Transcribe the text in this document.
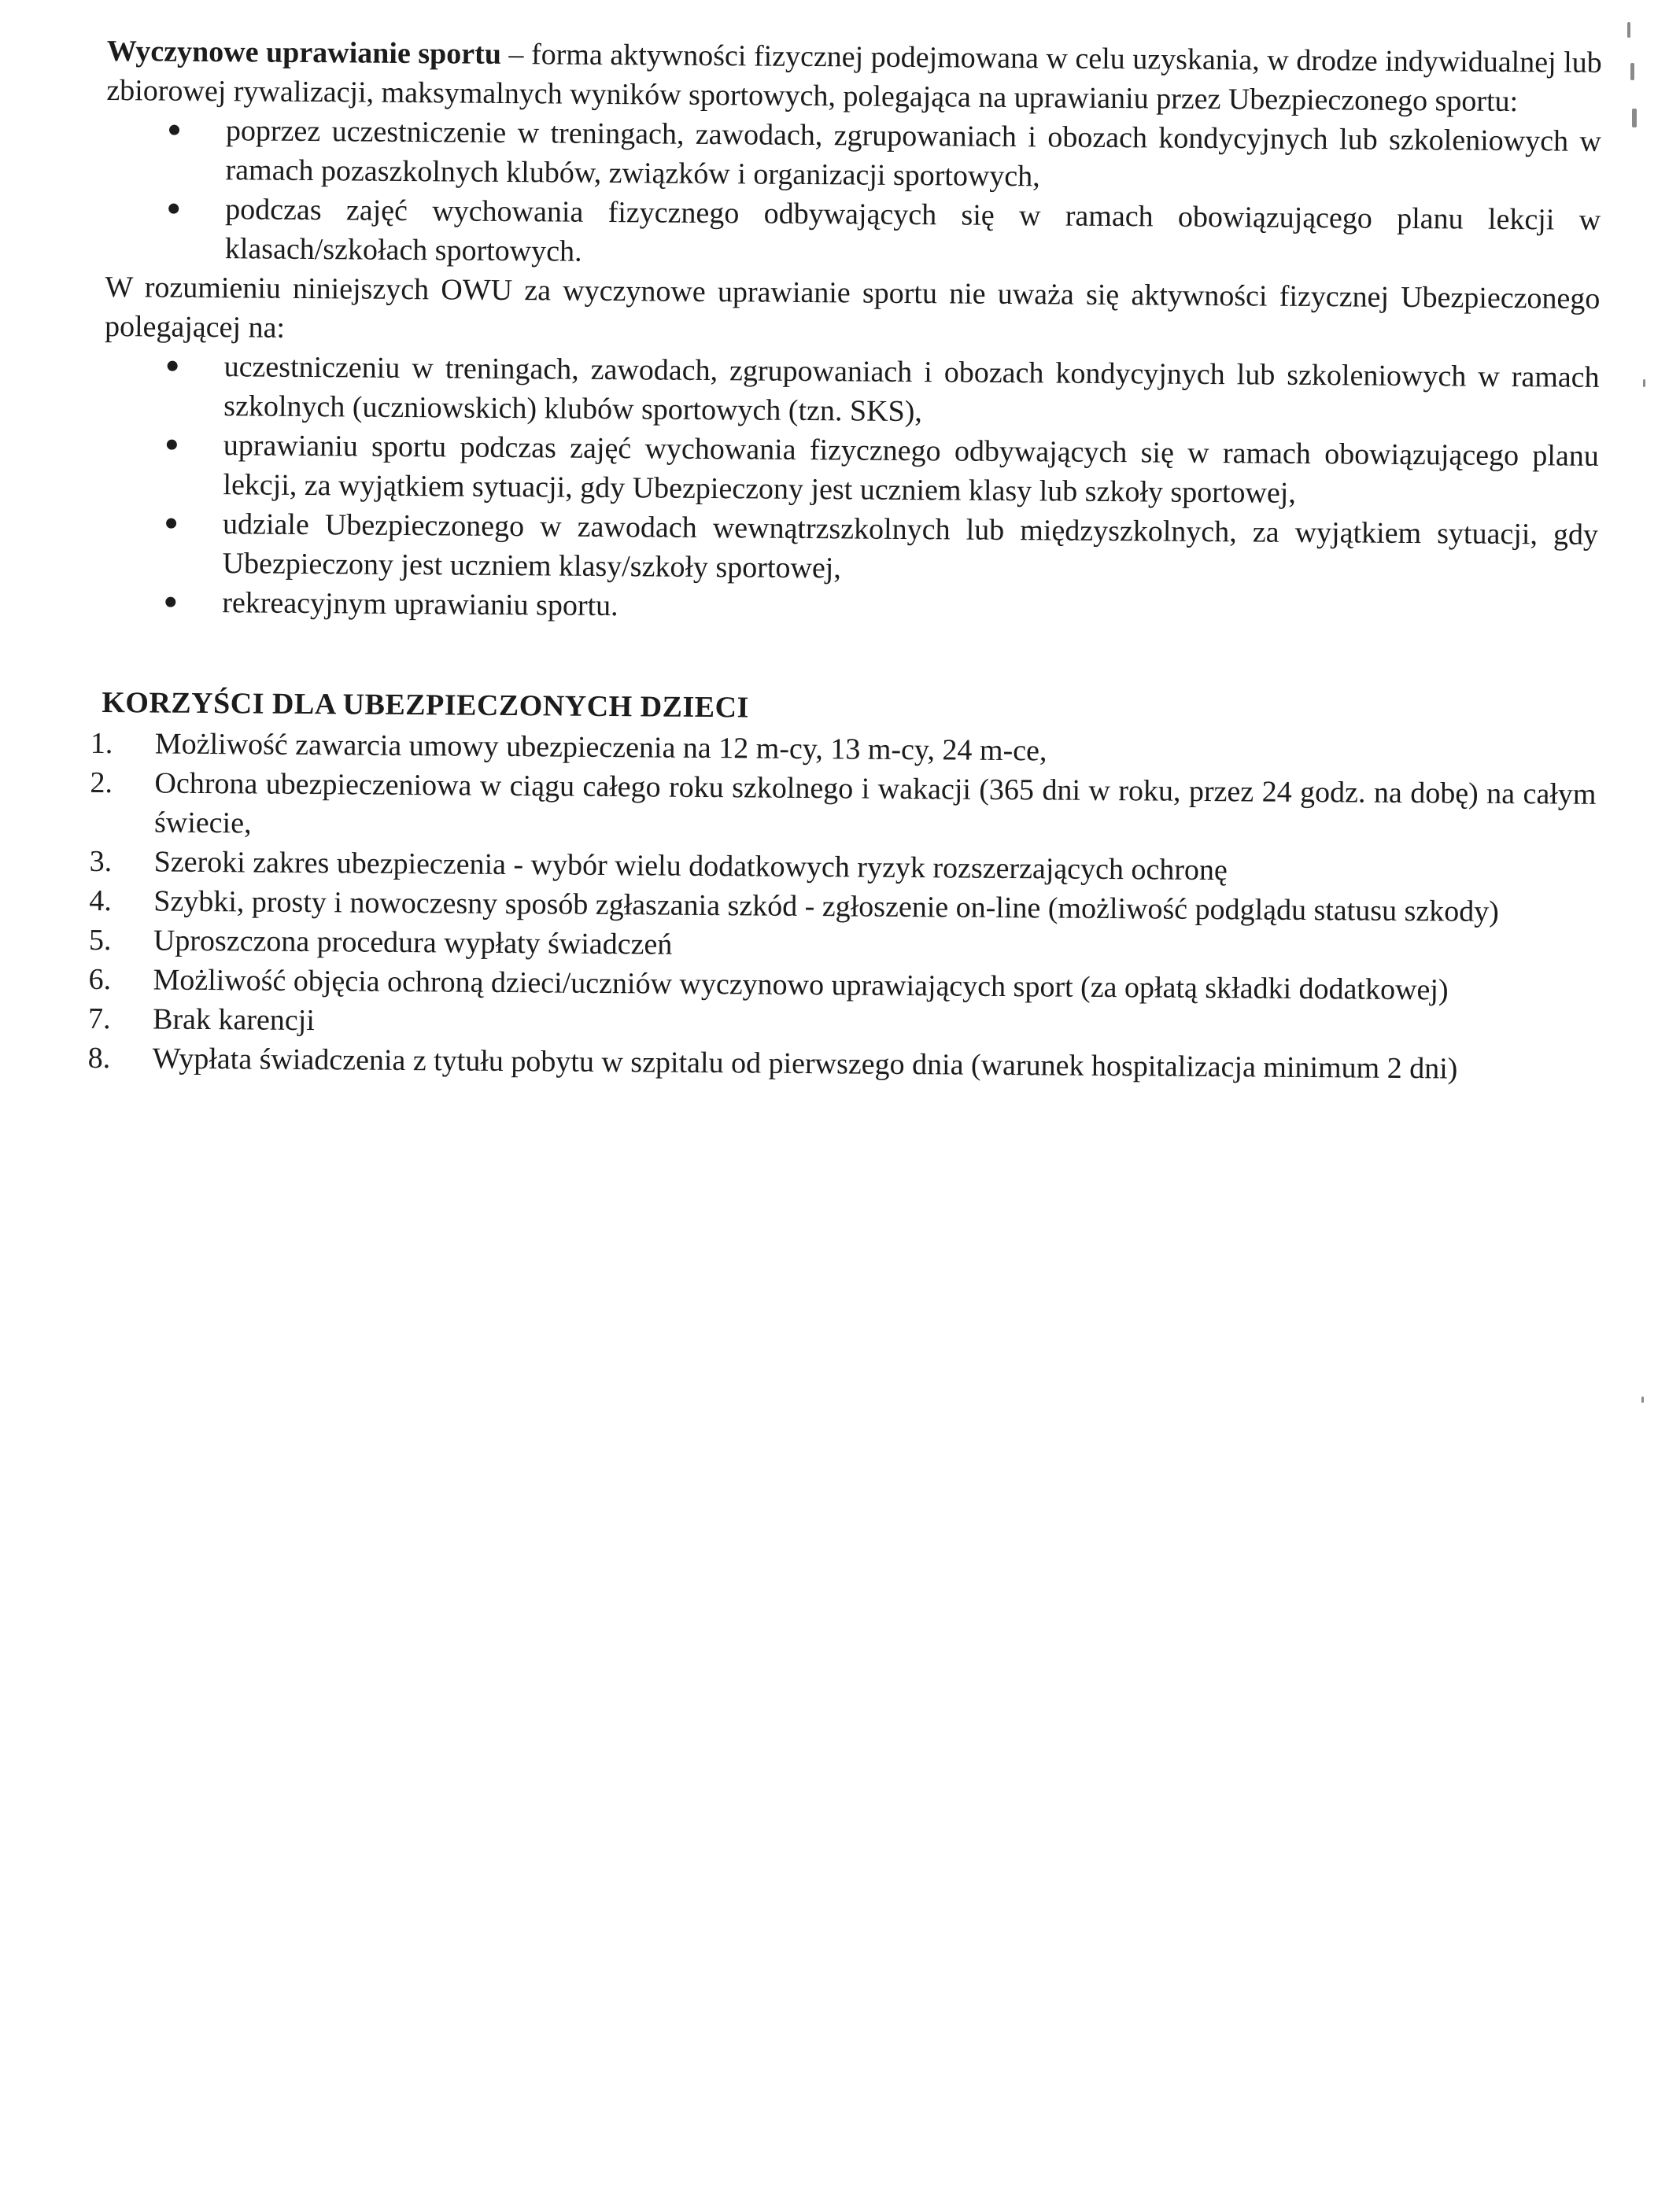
Wyczynowe uprawianie sportu – forma aktywności fizycznej podejmowana w celu uzyskania, w drodze indywidualnej lub zbiorowej rywalizacji, maksymalnych wyników sportowych, polegająca na uprawianiu przez Ubezpieczonego sportu:

poprzez uczestniczenie w treningach, zawodach, zgrupowaniach i obozach kondycyjnych lub szkoleniowych w ramach pozaszkolnych klubów, związków i organizacji sportowych,
podczas zajęć wychowania fizycznego odbywających się w ramach obowiązującego planu lekcji w klasach/szkołach sportowych.

W rozumieniu niniejszych OWU za wyczynowe uprawianie sportu nie uważa się aktywności fizycznej Ubezpieczonego polegającej na:

uczestniczeniu w treningach, zawodach, zgrupowaniach i obozach kondycyjnych lub szkoleniowych w ramach szkolnych (uczniowskich) klubów sportowych (tzn. SKS),
uprawianiu sportu podczas zajęć wychowania fizycznego odbywających się w ramach obowiązującego planu lekcji, za wyjątkiem sytuacji, gdy Ubezpieczony jest uczniem klasy lub szkoły sportowej,
udziale Ubezpieczonego w zawodach wewnątrzszkolnych lub międzyszkolnych, za wyjątkiem sytuacji, gdy Ubezpieczony jest uczniem klasy/szkoły sportowej,
rekreacyjnym uprawianiu sportu.
KORZYŚCI DLA UBEZPIECZONYCH DZIECI
1.	Możliwość zawarcia umowy ubezpieczenia na 12 m-cy, 13 m-cy, 24 m-ce,
2.	Ochrona ubezpieczeniowa w ciągu całego roku szkolnego i wakacji (365 dni w roku, przez 24 godz. na dobę) na całym świecie,
3.	Szeroki zakres ubezpieczenia - wybór wielu dodatkowych ryzyk rozszerzających ochronę
4.	Szybki, prosty i nowoczesny sposób zgłaszania szkód - zgłoszenie on-line (możliwość podglądu statusu szkody)
5.	Uproszczona procedura wypłaty świadczeń
6.	Możliwość objęcia ochroną dzieci/uczniów wyczynowo uprawiających sport (za opłatą składki dodatkowej)
7.	Brak karencji
8.	Wypłata świadczenia z tytułu pobytu w szpitalu od pierwszego dnia (warunek hospitalizacja minimum 2 dni)
